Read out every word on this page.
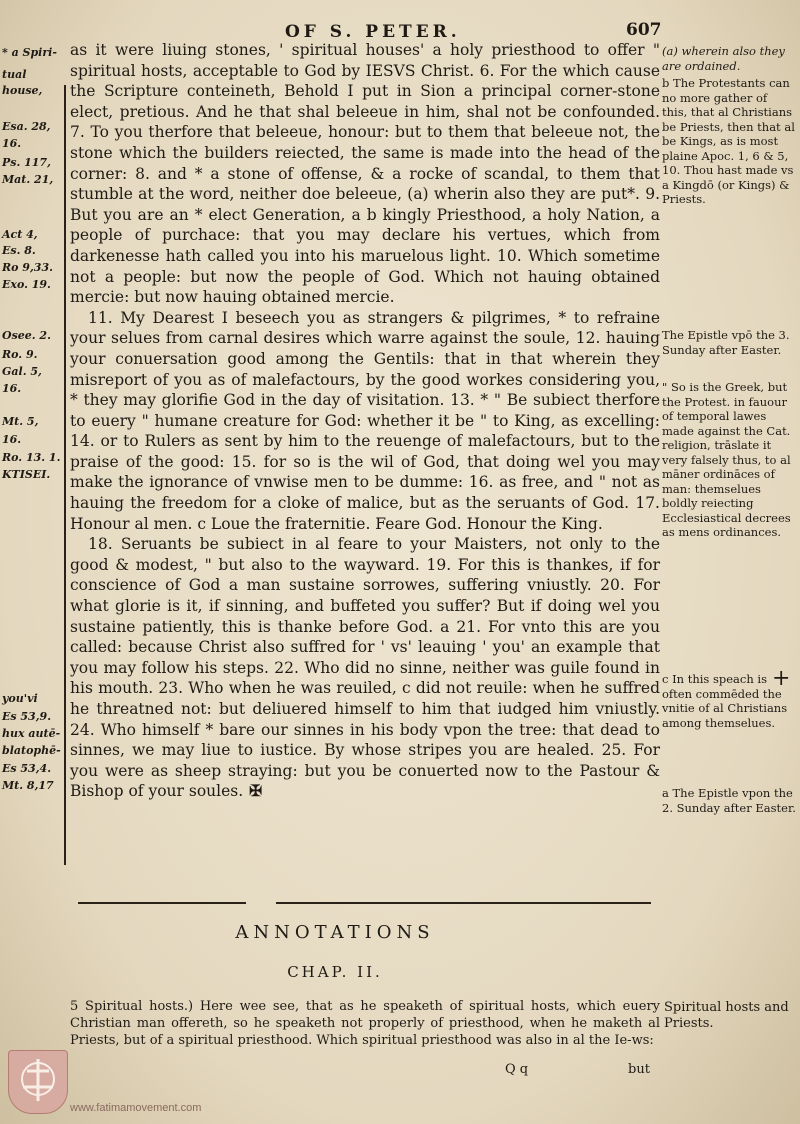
OF S. PETER.	607
* a Spiri-
tual
house,
Esa. 28,
16.
Ps. 117,
Mat. 21,
Act 4,
Es. 8.
Ro 9,33.
Exo. 19.
Osee. 2.
Ro. 9.
Gal. 5,
16.
Mt. 5,
16.
Ro. 13. 1.
KTISEI.
you'vi
Es 53,9.
hux autē-
blatophē-
Es 53,4.
Mt. 8,17

as it were liuing stones, ' spiritual houses' a holy priesthood to offer " spiritual hosts, acceptable to God by IESVS Christ. 6. For the which cause the Scripture conteineth, Behold I put in Sion a principal corner-stone elect, pretious. And he that shal beleeue in him, shal not be confounded. 7. To you therfore that beleeue, honour: but to them that beleeue not, the stone which the builders reiected, the same is made into the head of the corner: 8. and * a stone of offense, & a rocke of scandal, to them that stumble at the word, neither doe beleeue, (a) wherin also they are put*. 9. But you are an * elect Generation, a b kingly Priesthood, a holy Nation, a people of purchace: that you may declare his vertues, which from darkenesse hath called you into his maruelous light. 10. Which sometime not a people: but now the people of God. Which not hauing obtained mercie: but now hauing obtained mercie.

11. My Dearest I beseech you as strangers & pilgrimes, * to refraine your selues from carnal desires which warre against the soule, 12. hauing your conuersation good among the Gentils: that in that wherein they misreport of you as of malefactours, by the good workes considering you, * they may glorifie God in the day of visitation. 13. * " Be subiect therfore to euery " humane creature for God: whether it be " to King, as excelling: 14. or to Rulers as sent by him to the reuenge of malefactours, but to the praise of the good: 15. for so is the wil of God, that doing wel you may make the ignorance of vnwise men to be dumme: 16. as free, and " not as hauing the freedom for a cloke of malice, but as the seruants of God. 17. Honour al men. c Loue the fraternitie. Feare God. Honour the King.

18. Seruants be subiect in al feare to your Maisters, not only to the good & modest, " but also to the wayward. 19. For this is thankes, if for conscience of God a man sustaine sorrowes, suffering vniustly. 20. For what glorie is it, if sinning, and buffeted you suffer? But if doing wel you sustaine patiently, this is thanke before God. a 21. For vnto this are you called: because Christ also suffred for ' vs' leauing ' you' an example that you may follow his steps. 22. Who did no sinne, neither was guile found in his mouth. 23. Who when he was reuiled, c did not reuile: when he suffred he threatned not: but deliuered himself to him that iudged him vniustly. 24. Who himself * bare our sinnes in his body vpon the tree: that dead to sinnes, we may liue to iustice. By whose stripes you are healed. 25. For you were as sheep straying: but you be conuerted now to the Pastour & Bishop of your soules. ✠

(a) wherein also they are ordained.
b The Protestants can no more gather of this, that al Christians be Priests, then that al be Kings, as is most plaine Apoc. 1, 6 & 5, 10. Thou hast made vs a Kingdō (or Kings) & Priests.
The Epistle vpō the 3. Sunday after Easter.
" So is the Greek, but the Protest. in fauour of temporal lawes made against the Cat. religion, trāslate it very falsely thus, to al māner ordināces of man: themselues boldly reiecting Ecclesiastical decrees as mens ordinances.
c In this speach is often commēded the vnitie of al Christians among themselues.
a The Epistle vpon the 2. Sunday after Easter.
+
ANNOTATIONS
CHAP. II.
5 Spiritual hosts.) Here wee see, that as he speaketh of spiritual hosts, which euery Christian man offereth, so he speaketh not properly of priesthood, when he maketh al Priests, but of a spiritual priesthood. Which spiritual priesthood was also in al the Ie-ws:
Spiritual hosts and Priests.
Q q	but
www.fatimamovement.com
